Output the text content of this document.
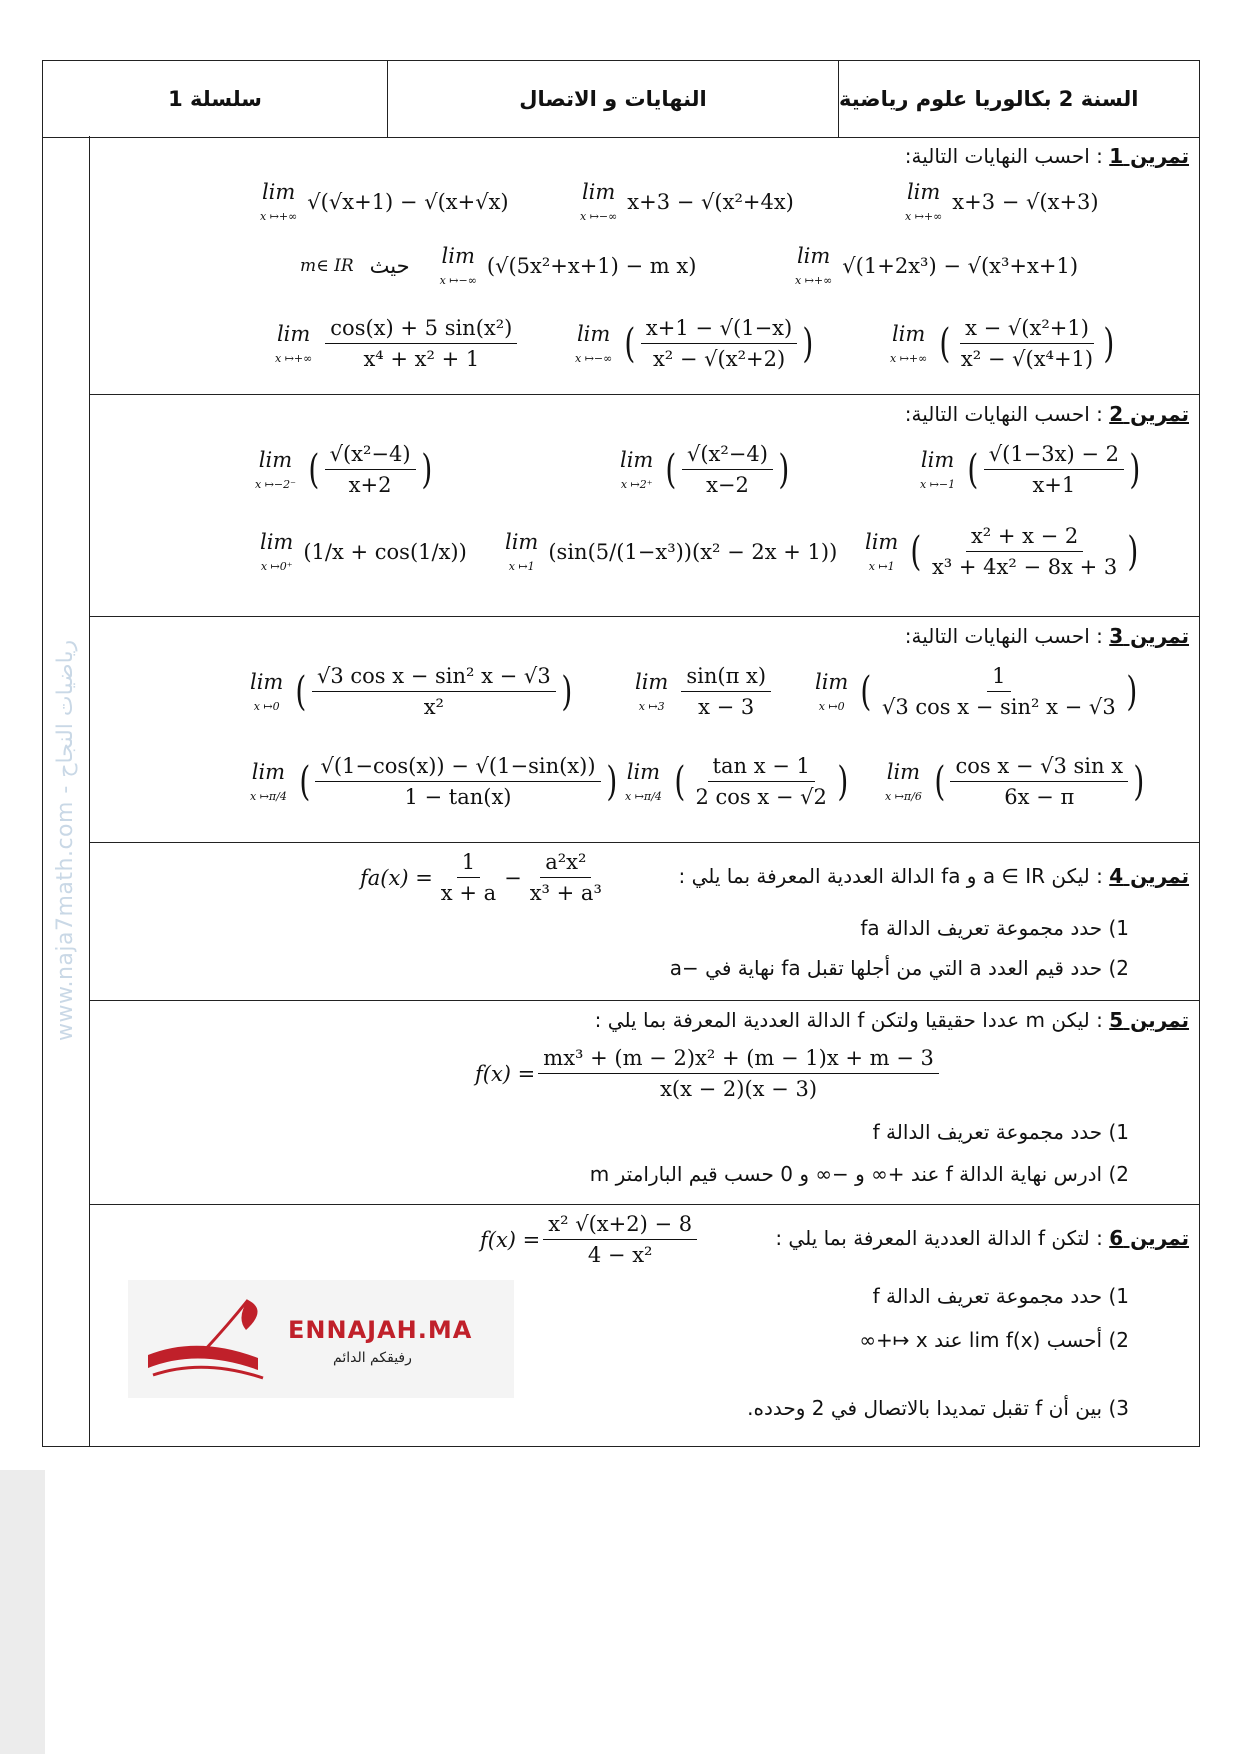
سلسلة 1	النهايات و الاتصال	السنة 2 بكالوريا علوم رياضية
www.naja7math.com - رياضيات النجاح
تمرين 1 : احسب النهايات التالية:
lim
x ↦+∞
√(√x+1) − √(x+√x)	lim
x ↦−∞
x+3 − √(x²+4x)	lim
x ↦+∞
x+3 − √(x+3)
m∈ IR حيث lim
x ↦−∞
(√(5x²+x+1) − m x)	lim
x ↦+∞
√(1+2x³) − √(x³+x+1)
lim
x ↦+∞ $\frac{\text{cos(x) + 5 sin(x²)}}{\text{x⁴ + x² + 1}}$	lim
x ↦−∞ ( $\frac{x+1 - √(1-x)}{\text{x² − √(x²+2)}}$ )	lim
x ↦+∞ ( $\frac{\text{x − √(x²+1)}}{\text{x² − √(x⁴+1)}}$ )
تمرين 2 : احسب النهايات التالية:
lim
x ↦−2⁻ ( $\frac{\text{√(x²−4)}}{x+2}$ )	lim
x ↦2⁺ ( $\frac{\text{√(x²−4)}}{x-2}$ )	lim
x ↦−1 ( $\frac{√(1-3x) - 2}{x+1}$ )
lim
x ↦0⁺
(1/x + cos(1/x)) lim
x ↦1
(sin(5/(1−x³))(x² − 2x + 1)) lim
x ↦1 ( $\frac{\text{x² + x − 2}}{\text{x³ + 4x² − 8x + 3}}$ )
تمرين 3 : احسب النهايات التالية:
lim
x ↦0 ( $\frac{\text{√3 cos x − sin² x − √3}}{\text{x²}}$ )	lim
x ↦3 $\frac{\text{sin(π x)}}{x - 3}$ lim
x ↦0 ( $\frac{1}{\text{√3 cos x − sin² x − √3}}$ )
lim
x ↦π/4 ( $\frac{√(1-\cos(x)) - √(1-\sin(x))}{1 - \tan(x)}$ ) lim
x ↦π/4 ( $\frac{\text{tan x − 1}}{\text{2 cos x − √2}}$ ) lim
x ↦π/6 ( $\frac{\text{cos x − √3 sin x}}{6x - \pi}$ )
تمرين 4 : ليكن a ∈ IR و fa الدالة العددية المعرفة بما يلي :
$fa(x) = \frac{1}{x + a} - \frac{\text{a²x²}}{\text{x³ + a³}}$
1) حدد مجموعة تعريف الدالة fa
2) حدد قيم العدد a التي من أجلها تقبل fa نهاية في −a
تمرين 5 : ليكن m عددا حقيقيا ولتكن f الدالة العددية المعرفة بما يلي :
$f(x) = \frac{\text{mx³ + (m − 2)x² + (m − 1)x + m − 3}}{x(x - 2)(x - 3)}$
1) حدد مجموعة تعريف الدالة f
2) ادرس نهاية الدالة f عند +∞ و −∞ و 0 حسب قيم البارامتر m
تمرين 6 : لتكن f الدالة العددية المعرفة بما يلي :
$f(x) = \frac{\text{x² √(x+2) − 8}}{\text{4 − x²}}$
1) حدد مجموعة تعريف الدالة f
2) أحسب lim f(x) عند x ↦+∞
3) بين أن f تقبل تمديدا بالاتصال في 2 وحدده.
ENNAJAH.MA
رفيقكم الدائم
